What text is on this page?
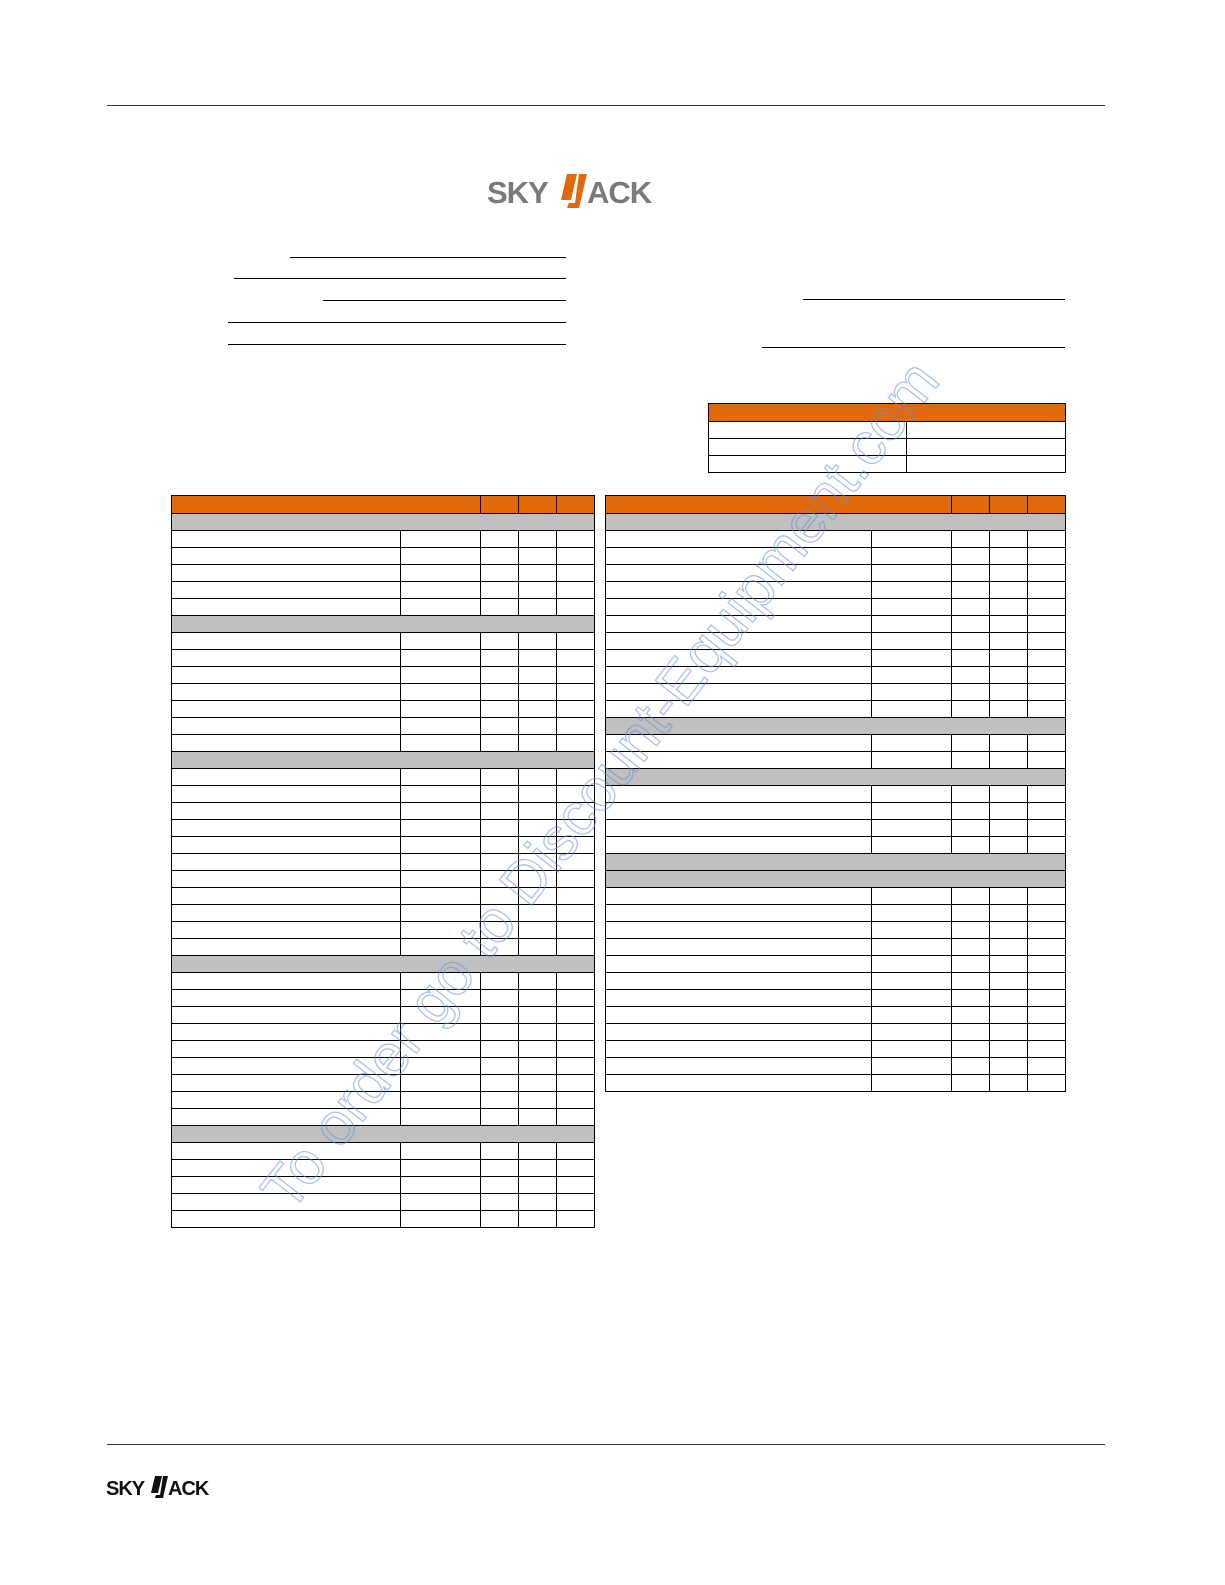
SKY ACK

To order go to Discount-Equipment.com
SKY ACK
